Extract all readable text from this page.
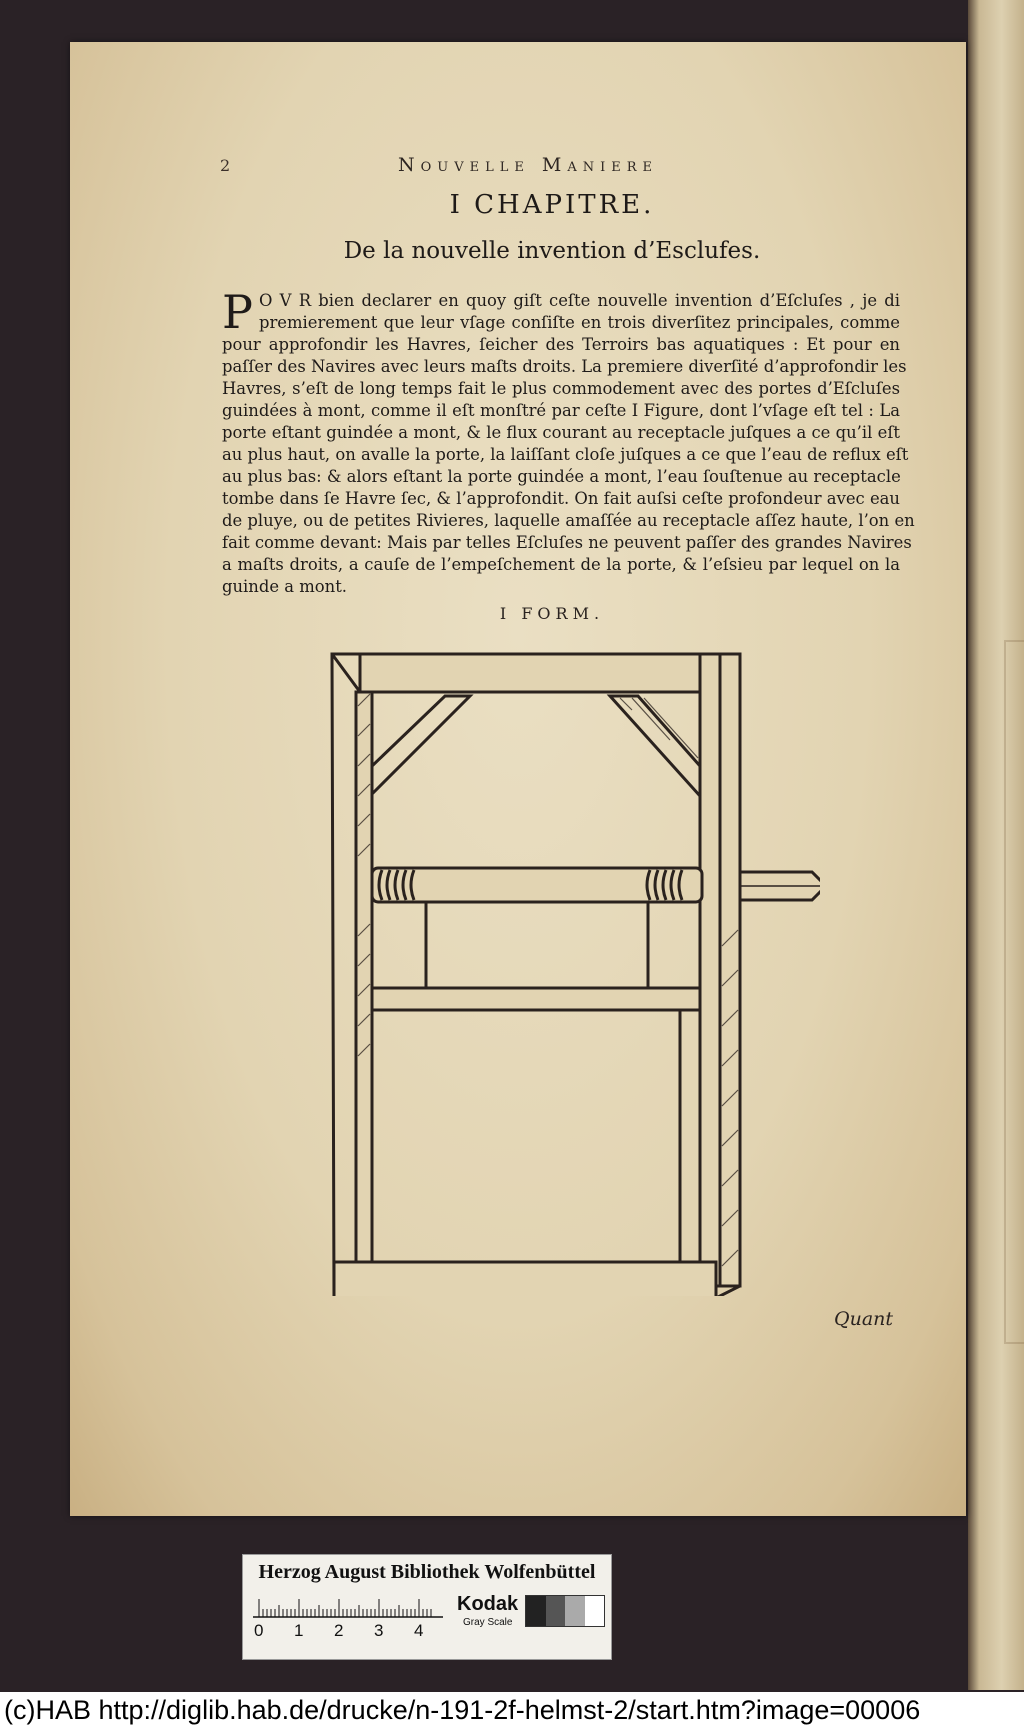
2	Nouvelle Maniere
I CHAPITRE.
De la nouvelle invention d’Esclufes.
P O V R bien declarer en quoy giſt ceſte nouvelle invention d’Eſcluſes , je di
premierement que leur vſage conſiſte en trois diverſitez principales, comme
pour approfondir les Havres, ſeicher des Terroirs bas aquatiques : Et pour en
paſſer des Navires avec leurs maſts droits. La premiere diverſité d’approfondir les
Havres, s’eſt de long temps fait le plus commodement avec des portes d’Eſcluſes
guindées à mont, comme il eſt monſtré par ceſte I Figure, dont l’vſage eſt tel : La
porte eſtant guindée a mont, & le flux courant au receptacle juſques a ce qu’il eſt
au plus haut, on avalle la porte, la laiſſant cloſe juſques a ce que l’eau de reflux eſt
au plus bas: & alors eſtant la porte guindée a mont, l’eau ſouſtenue au receptacle
tombe dans ſe Havre ſec, & l’approfondit. On fait auſsi ceſte profondeur avec eau
de pluye, ou de petites Rivieres, laquelle amaſſée au receptacle aſſez haute, l’on en
fait comme devant: Mais par telles Eſcluſes ne peuvent paſſer des grandes Navires
a maſts droits, a cauſe de l’empeſchement de la porte, & l’eſsieu par lequel on la
guinde a mont.
I FORM.
Quant
Herzog August Bibliothek Wolfenbüttel
0 1 2 3 4
Kodak
Gray Scale
(c)HAB http://diglib.hab.de/drucke/n-191-2f-helmst-2/start.htm?image=00006
